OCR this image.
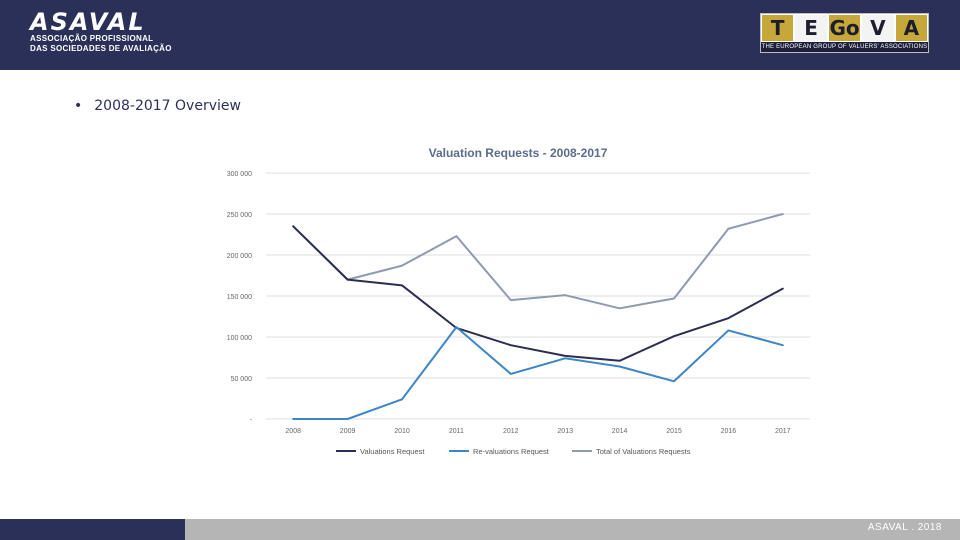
ASAVAL
ASSOCIAÇÃO PROFISSIONAL
DAS SOCIEDADES DE AVALIAÇÃO
T E Go V A
THE EUROPEAN GROUP OF VALUERS' ASSOCIATIONS
• 2008-2017 Overview
Valuation Requests - 2008-2017
-
50 000
100 000
150 000
200 000
250 000
300 000
2008	2009	2010	2011	2012	2013	2014	2015	2016	2017
Valuations Request	Re-valuations Request	Total of Valuations Requests
ASAVAL . 2018
